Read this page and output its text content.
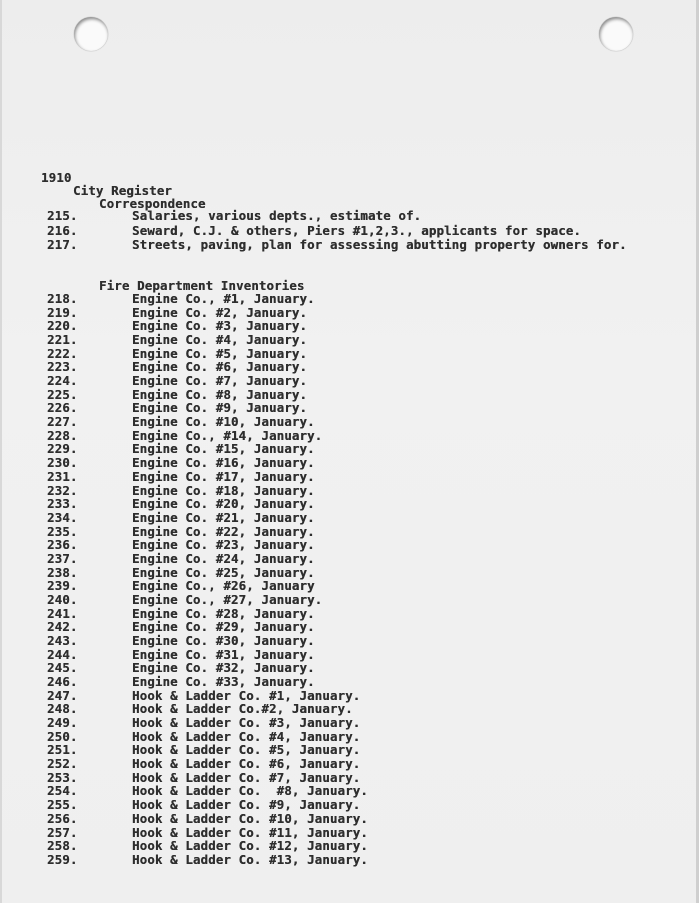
1910
City Register
Correspondence
215.	Salaries, various depts., estimate of.
216.	Seward, C.J. & others, Piers #1,2,3., applicants for space.
217.	Streets, paving, plan for assessing abutting property owners for.
Fire Department Inventories
218.	Engine Co., #1, January.
219.	Engine Co. #2, January.
220.	Engine Co. #3, January.
221.	Engine Co. #4, January.
222.	Engine Co. #5, January.
223.	Engine Co. #6, January.
224.	Engine Co. #7, January.
225.	Engine Co. #8, January.
226.	Engine Co. #9, January.
227.	Engine Co. #10, January.
228.	Engine Co., #14, January.
229.	Engine Co. #15, January.
230.	Engine Co. #16, January.
231.	Engine Co. #17, January.
232.	Engine Co. #18, January.
233.	Engine Co. #20, January.
234.	Engine Co. #21, January.
235.	Engine Co. #22, January.
236.	Engine Co. #23, January.
237.	Engine Co. #24, January.
238.	Engine Co. #25, January.
239.	Engine Co., #26, January
240.	Engine Co., #27, January.
241.	Engine Co. #28, January.
242.	Engine Co. #29, January.
243.	Engine Co. #30, January.
244.	Engine Co. #31, January.
245.	Engine Co. #32, January.
246.	Engine Co. #33, January.
247.	Hook & Ladder Co. #1, January.
248.	Hook & Ladder Co.#2, January.
249.	Hook & Ladder Co. #3, January.
250.	Hook & Ladder Co. #4, January.
251.	Hook & Ladder Co. #5, January.
252.	Hook & Ladder Co. #6, January.
253.	Hook & Ladder Co. #7, January.
254.	Hook & Ladder Co.  #8, January.
255.	Hook & Ladder Co. #9, January.
256.	Hook & Ladder Co. #10, January.
257.	Hook & Ladder Co. #11, January.
258.	Hook & Ladder Co. #12, January.
259.	Hook & Ladder Co. #13, January.
